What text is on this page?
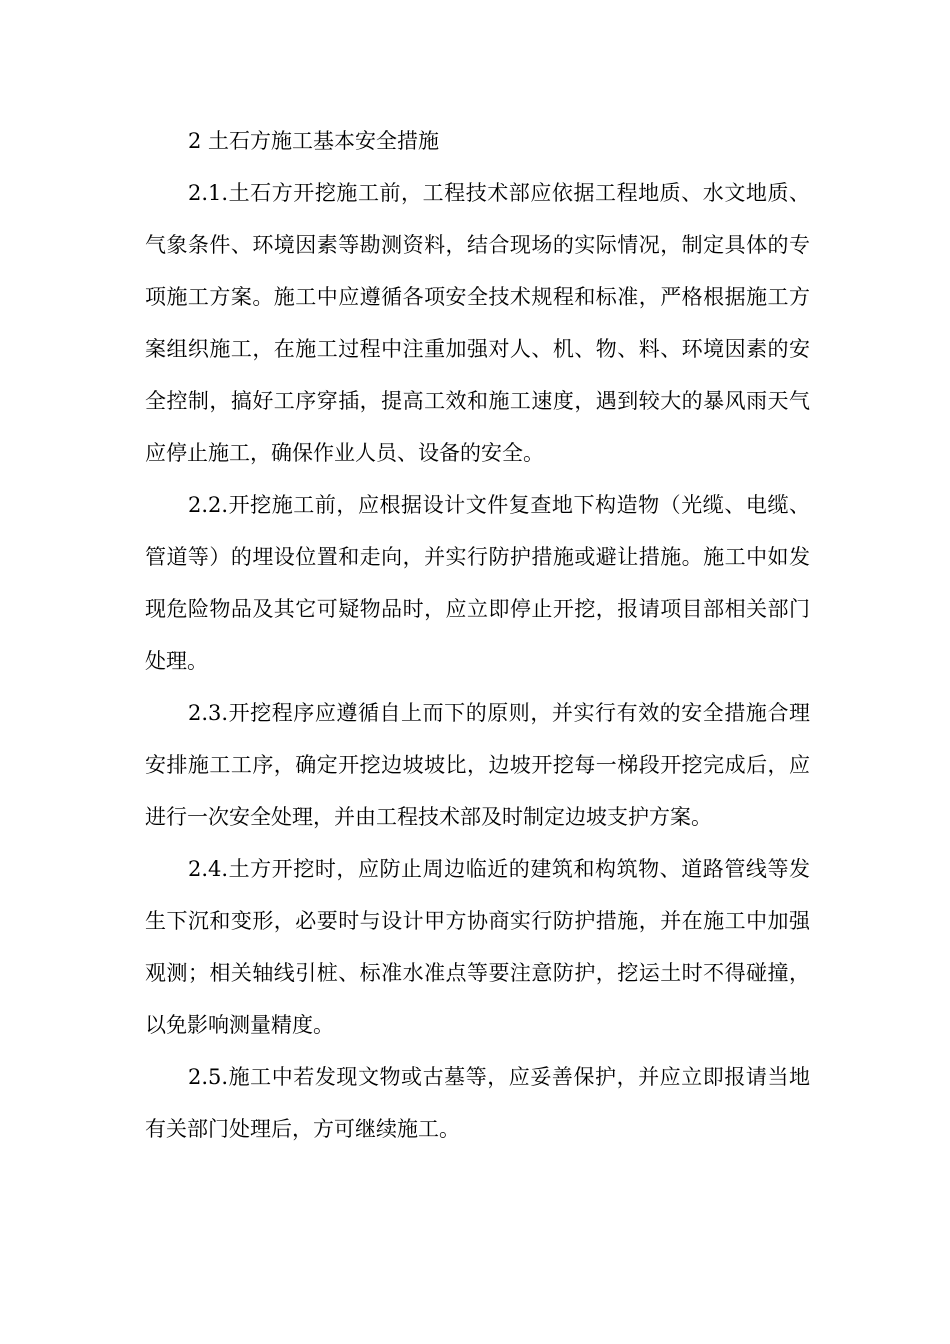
2 土石方施工基本安全措施

2.1.土石方开挖施工前，工程技术部应依据工程地质、水文地质、气象条件、环境因素等勘测资料，结合现场的实际情况，制定具体的专项施工方案。施工中应遵循各项安全技术规程和标准，严格根据施工方案组织施工，在施工过程中注重加强对人、机、物、料、环境因素的安全控制，搞好工序穿插，提高工效和施工速度，遇到较大的暴风雨天气应停止施工，确保作业人员、设备的安全。

2.2.开挖施工前，应根据设计文件复查地下构造物（光缆、电缆、管道等）的埋设位置和走向，并实行防护措施或避让措施。施工中如发现危险物品及其它可疑物品时，应立即停止开挖，报请项目部相关部门处理。

2.3.开挖程序应遵循自上而下的原则，并实行有效的安全措施合理安排施工工序，确定开挖边坡坡比，边坡开挖每一梯段开挖完成后，应进行一次安全处理，并由工程技术部及时制定边坡支护方案。

2.4.土方开挖时，应防止周边临近的建筑和构筑物、道路管线等发生下沉和变形，必要时与设计甲方协商实行防护措施，并在施工中加强观测；相关轴线引桩、标准水准点等要注意防护，挖运土时不得碰撞，以免影响测量精度。

2.5.施工中若发现文物或古墓等，应妥善保护，并应立即报请当地有关部门处理后，方可继续施工。
